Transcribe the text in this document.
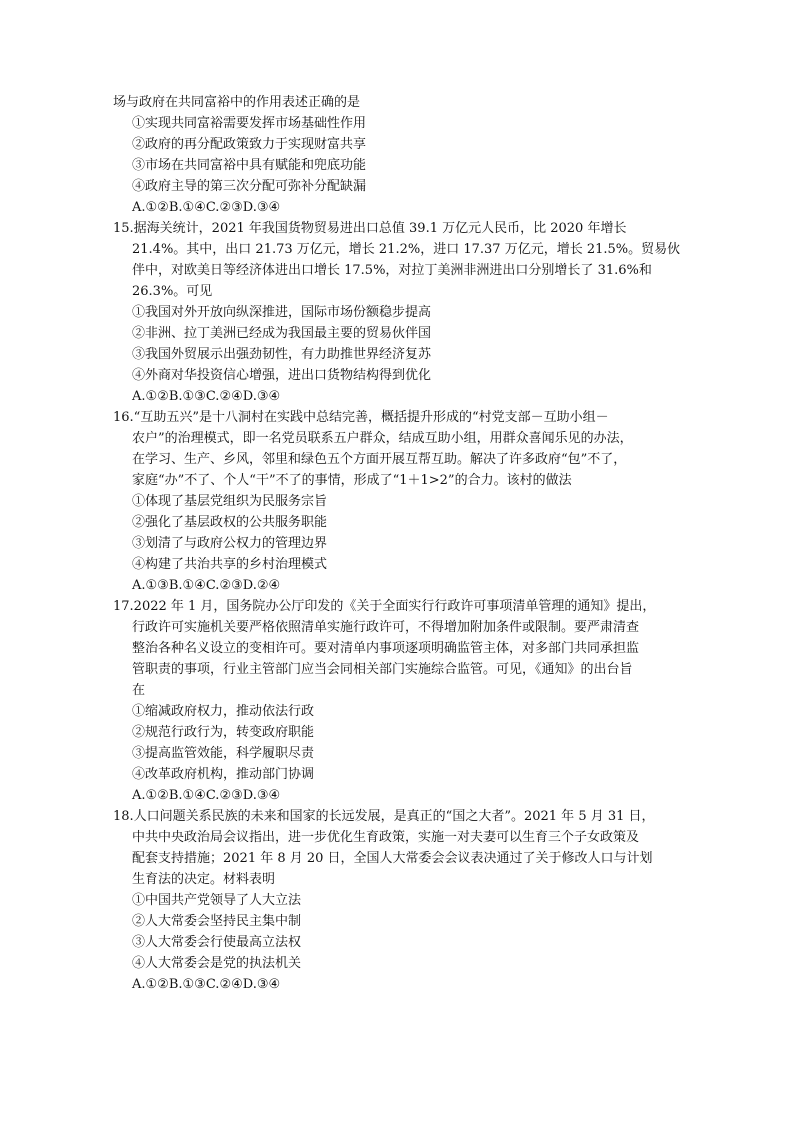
场与政府在共同富裕中的作用表述正确的是
①实现共同富裕需要发挥市场基础性作用
②政府的再分配政策致力于实现财富共享
③市场在共同富裕中具有赋能和兜底功能
④政府主导的第三次分配可弥补分配缺漏
A.①②B.①④C.②③D.③④
15.据海关统计，2021 年我国货物贸易进出口总值 39.1 万亿元人民币，比 2020 年增长
21.4%。其中，出口 21.73 万亿元，增长 21.2%，进口 17.37 万亿元，增长 21.5%。贸易伙
伴中，对欧美日等经济体进出口增长 17.5%，对拉丁美洲非洲进出口分别增长了 31.6%和
26.3%。可见
①我国对外开放向纵深推进，国际市场份额稳步提高
②非洲、拉丁美洲已经成为我国最主要的贸易伙伴国
③我国外贸展示出强劲韧性，有力助推世界经济复苏
④外商对华投资信心增强，进出口货物结构得到优化
A.①②B.①③C.②④D.③④
16.“互助五兴”是十八洞村在实践中总结完善，概括提升形成的“村党支部－互助小组－
农户”的治理模式，即一名党员联系五户群众，结成互助小组，用群众喜闻乐见的办法，
在学习、生产、乡风，邻里和绿色五个方面开展互帮互助。解决了许多政府“包”不了，
家庭“办”不了、个人“干”不了的事情，形成了“1＋1>2”的合力。该村的做法
①体现了基层党组织为民服务宗旨
②强化了基层政权的公共服务职能
③划清了与政府公权力的管理边界
④构建了共治共享的乡村治理模式
A.①③B.①④C.②③D.②④
17.2022 年 1 月，国务院办公厅印发的《关于全面实行行政许可事项清单管理的通知》提出，
行政许可实施机关要严格依照清单实施行政许可，不得增加附加条件或限制。要严肃清查
整治各种名义设立的变相许可。要对清单内事项逐项明确监管主体，对多部门共同承担监
管职责的事项，行业主管部门应当会同相关部门实施综合监管。可见，《通知》的出台旨
在
①缩减政府权力，推动依法行政
②规范行政行为，转变政府职能
③提高监管效能，科学履职尽责
④改革政府机构，推动部门协调
A.①②B.①④C.②③D.③④
18.人口问题关系民族的未来和国家的长远发展，是真正的“国之大者”。2021 年 5 月 31 日，
中共中央政治局会议指出，进一步优化生育政策，实施一对夫妻可以生育三个子女政策及
配套支持措施；2021 年 8 月 20 日，全国人大常委会会议表决通过了关于修改人口与计划
生育法的决定。材料表明
①中国共产党领导了人大立法
②人大常委会坚持民主集中制
③人大常委会行使最高立法权
④人大常委会是党的执法机关
A.①②B.①③C.②④D.③④
